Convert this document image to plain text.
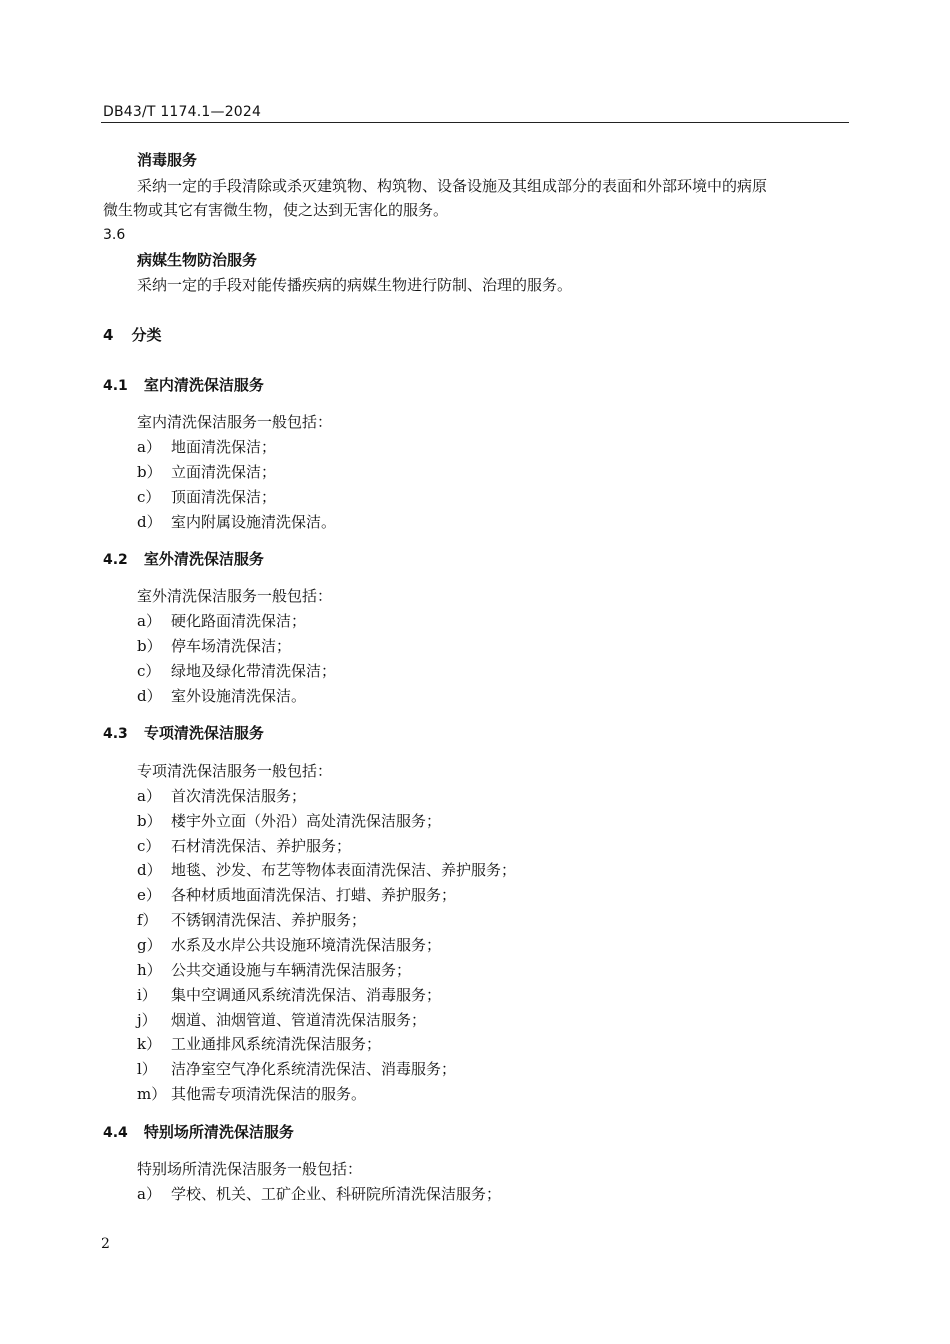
DB43/T 1174.1—2024
消毒服务
采纳一定的手段清除或杀灭建筑物、构筑物、设备设施及其组成部分的表面和外部环境中的病原
微生物或其它有害微生物，使之达到无害化的服务。
3.6
病媒生物防治服务
采纳一定的手段对能传播疾病的病媒生物进行防制、治理的服务。
4 分类
4.1 室内清洗保洁服务
室内清洗保洁服务一般包括：
a） 地面清洗保洁；
b） 立面清洗保洁；
c） 顶面清洗保洁；
d） 室内附属设施清洗保洁。
4.2 室外清洗保洁服务
室外清洗保洁服务一般包括：
a） 硬化路面清洗保洁；
b） 停车场清洗保洁；
c） 绿地及绿化带清洗保洁；
d） 室外设施清洗保洁。
4.3 专项清洗保洁服务
专项清洗保洁服务一般包括：
a） 首次清洗保洁服务；
b） 楼宇外立面（外沿）高处清洗保洁服务；
c） 石材清洗保洁、养护服务；
d） 地毯、沙发、布艺等物体表面清洗保洁、养护服务；
e） 各种材质地面清洗保洁、打蜡、养护服务；
f） 不锈钢清洗保洁、养护服务；
g） 水系及水岸公共设施环境清洗保洁服务；
h） 公共交通设施与车辆清洗保洁服务；
i） 集中空调通风系统清洗保洁、消毒服务；
j） 烟道、油烟管道、管道清洗保洁服务；
k） 工业通排风系统清洗保洁服务；
l） 洁净室空气净化系统清洗保洁、消毒服务；
m） 其他需专项清洗保洁的服务。
4.4 特别场所清洗保洁服务
特别场所清洗保洁服务一般包括：
a） 学校、机关、工矿企业、科研院所清洗保洁服务；
2
